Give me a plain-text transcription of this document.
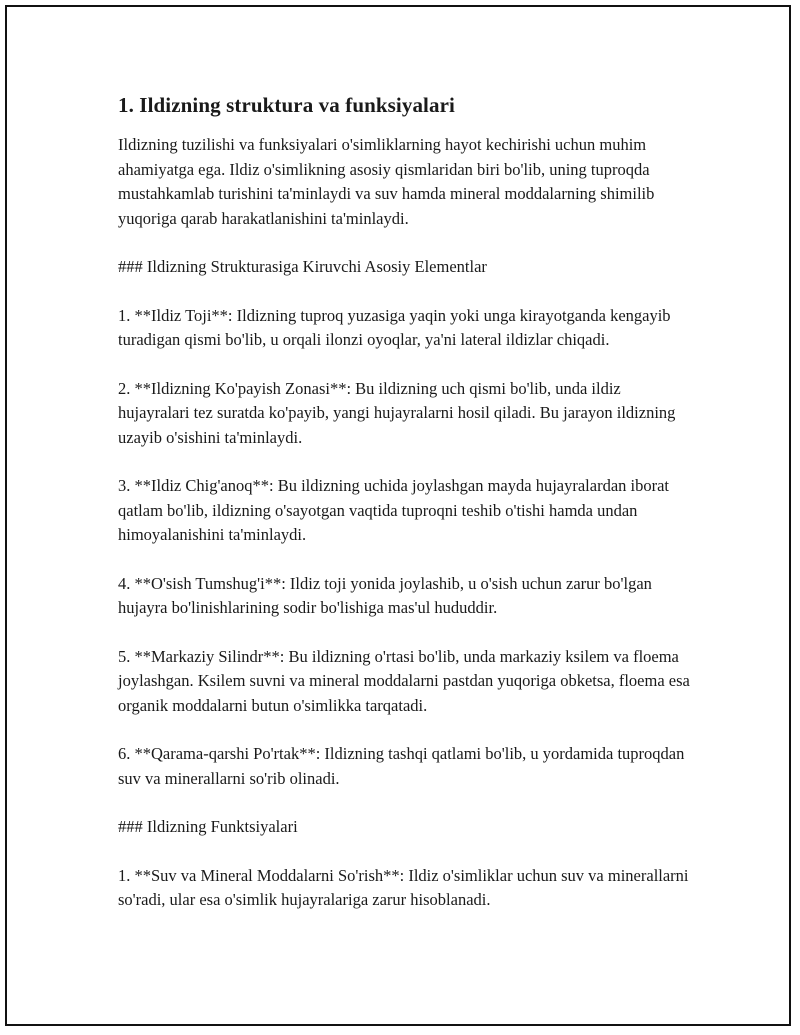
1. Ildizning struktura va funksiyalari

Ildizning tuzilishi va funksiyalari o'simliklarning hayot kechirishi uchun muhim ahamiyatga ega. Ildiz o'simlikning asosiy qismlaridan biri bo'lib, uning tuproqda mustahkamlab turishini ta'minlaydi va suv hamda mineral moddalarning shimilib yuqoriga qarab harakatlanishini ta'minlaydi.

### Ildizning Strukturasiga Kiruvchi Asosiy Elementlar

1. **Ildiz Toji**: Ildizning tuproq yuzasiga yaqin yoki unga kirayotganda kengayib turadigan qismi bo'lib, u orqali ilonzi oyoqlar, ya'ni lateral ildizlar chiqadi.

2. **Ildizning Ko'payish Zonasi**: Bu ildizning uch qismi bo'lib, unda ildiz hujayralari tez suratda ko'payib, yangi hujayralarni hosil qiladi. Bu jarayon ildizning uzayib o'sishini ta'minlaydi.

3. **Ildiz Chig'anoq**: Bu ildizning uchida joylashgan mayda hujayralardan iborat qatlam bo'lib, ildizning o'sayotgan vaqtida tuproqni teshib o'tishi hamda undan himoyalanishini ta'minlaydi.

4. **O'sish Tumshug'i**: Ildiz toji yonida joylashib, u o'sish uchun zarur bo'lgan hujayra bo'linishlarining sodir bo'lishiga mas'ul hududdir.

5. **Markaziy Silindr**: Bu ildizning o'rtasi bo'lib, unda markaziy ksilem va floema joylashgan. Ksilem suvni va mineral moddalarni pastdan yuqoriga obketsa, floema esa organik moddalarni butun o'simlikka tarqatadi.

6. **Qarama-qarshi Po'rtak**: Ildizning tashqi qatlami bo'lib, u yordamida tuproqdan suv va minerallarni so'rib olinadi.

### Ildizning Funktsiyalari

1. **Suv va Mineral Moddalarni So'rish**: Ildiz o'simliklar uchun suv va minerallarni so'radi, ular esa o'simlik hujayralariga zarur hisoblanadi.
